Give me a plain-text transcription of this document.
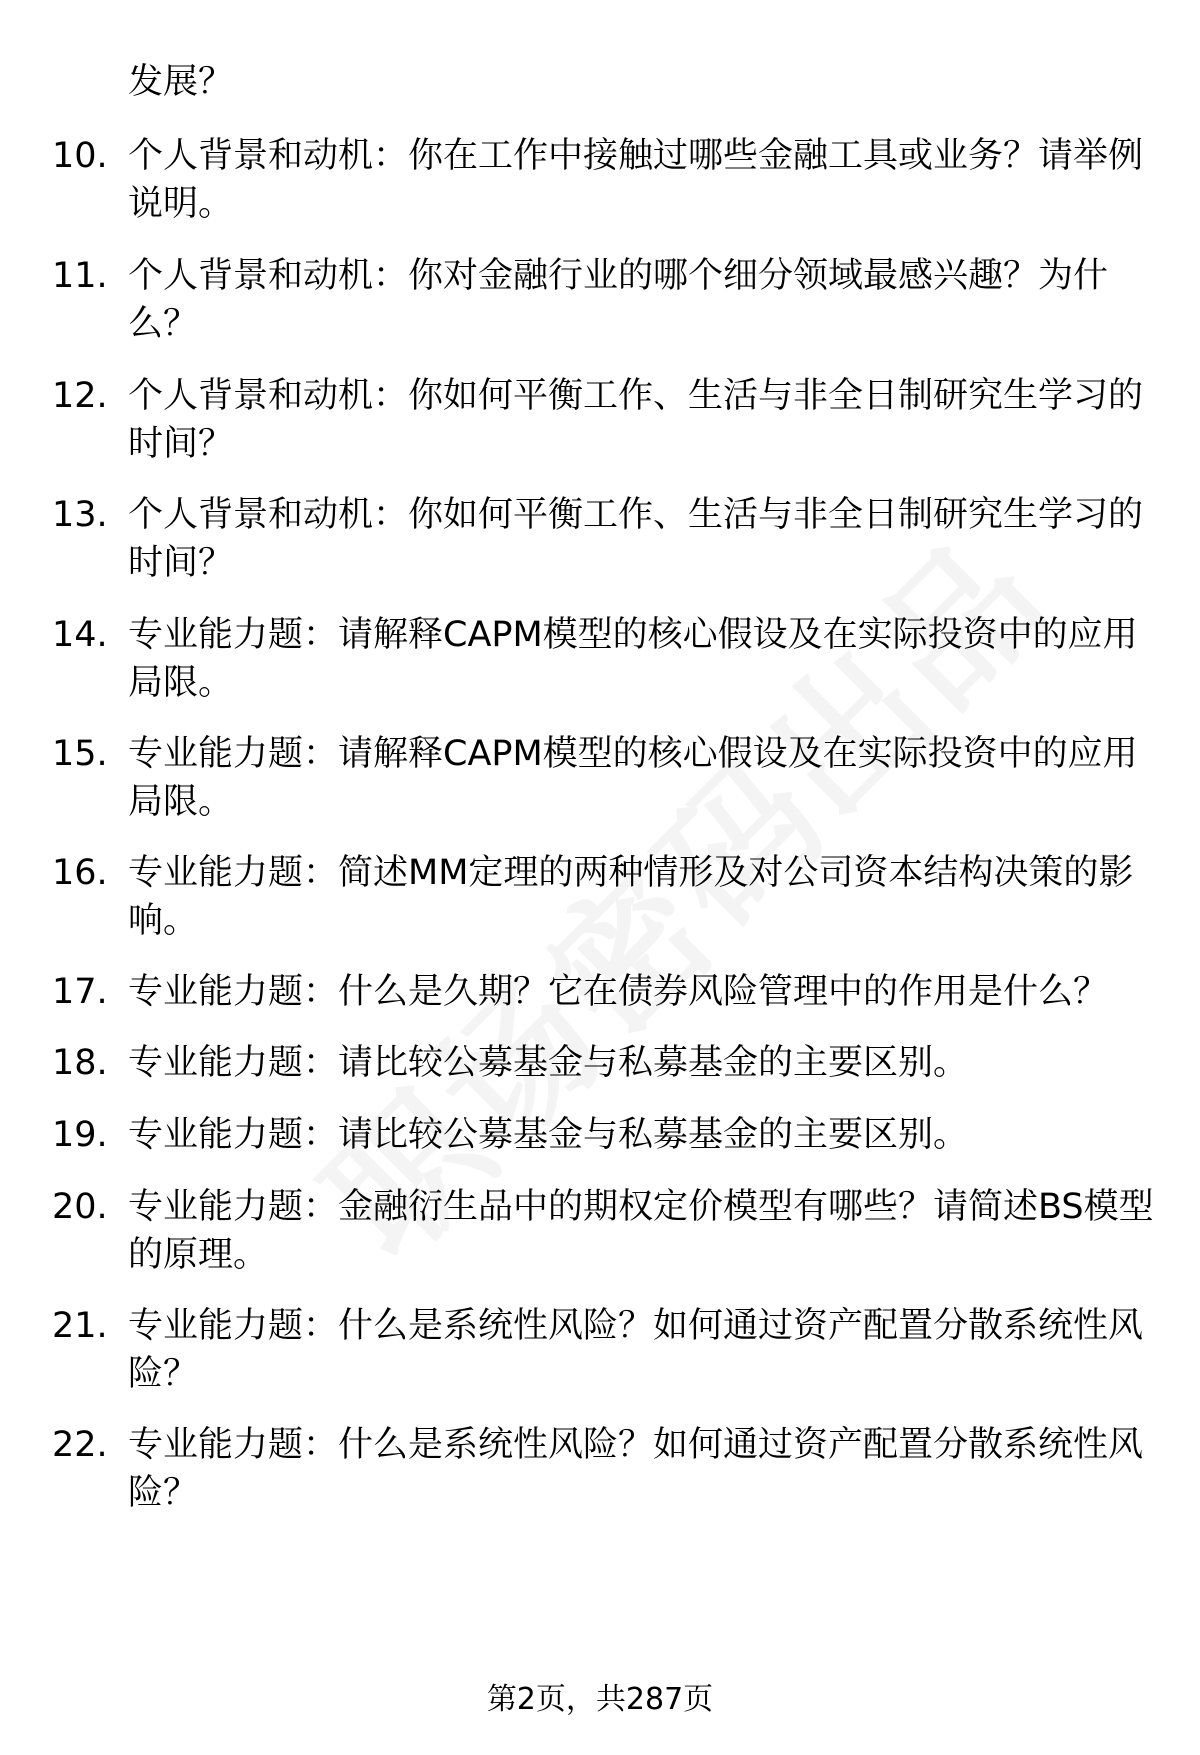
发展？
10. 个人背景和动机：你在工作中接触过哪些金融工具或业务？请举例说明。
11. 个人背景和动机：你对金融行业的哪个细分领域最感兴趣？为什么？
12. 个人背景和动机：你如何平衡工作、生活与非全日制研究生学习的时间？
13. 个人背景和动机：你如何平衡工作、生活与非全日制研究生学习的时间？
14. 专业能力题：请解释CAPM模型的核心假设及在实际投资中的应用局限。
15. 专业能力题：请解释CAPM模型的核心假设及在实际投资中的应用局限。
16. 专业能力题：简述MM定理的两种情形及对公司资本结构决策的影响。
17. 专业能力题：什么是久期？它在债券风险管理中的作用是什么？
18. 专业能力题：请比较公募基金与私募基金的主要区别。
19. 专业能力题：请比较公募基金与私募基金的主要区别。
20. 专业能力题：金融衍生品中的期权定价模型有哪些？请简述BS模型的原理。
21. 专业能力题：什么是系统性风险？如何通过资产配置分散系统性风险？
22. 专业能力题：什么是系统性风险？如何通过资产配置分散系统性风险？
第2页，共287页
